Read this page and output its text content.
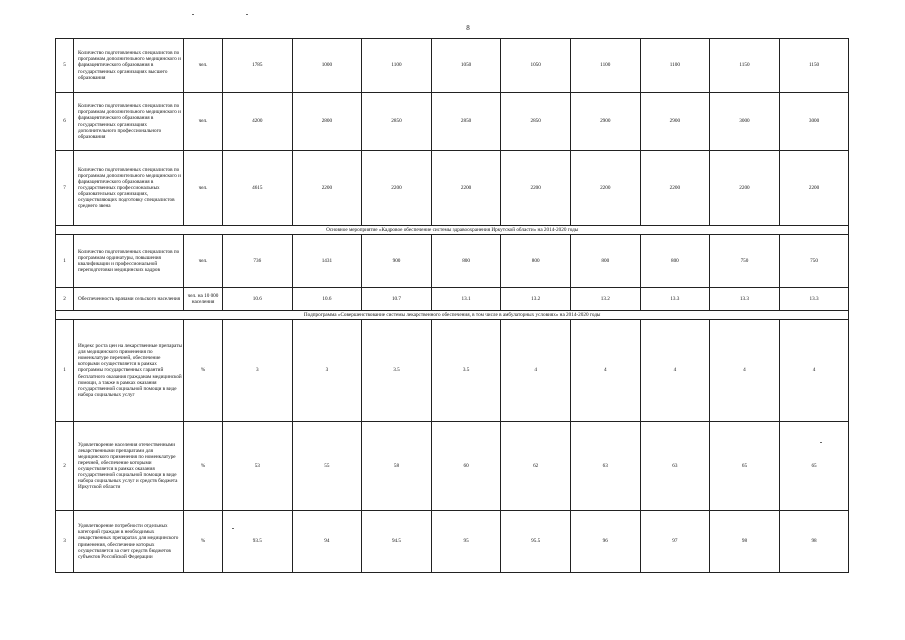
8
5	Количество подготовленных специалистов по программам дополнительного медицинского и фармацевтического образования в государственных организациях высшего образования	чел.	1785	1000	1100	1050	1050	1100	1100	1150	1150
6	Количество подготовленных специалистов по программам дополнительного медицинского и фармацевтического образования в государственных организациях дополнительного профессионального образования	чел.	4200	2800	2850	2850	2850	2900	2900	3000	3000
7	Количество подготовленных специалистов по программам дополнительного медицинского и фармацевтического образования в государственных профессиональных образовательных организациях, осуществляющих подготовку специалистов среднего звена	чел.	4615	2200	2200	2200	2200	2200	2200	2200	2200
Основное мероприятие «Кадровое обеспечение системы здравоохранения Иркутской области» на 2014-2020 годы											
1	Количество подготовленных специалистов по программам ординатуры, повышения квалификации и профессиональной переподготовки медицинских кадров	чел.	736	1431	900	800	800	800	800	750	750
2	Обеспеченность врачами сельского населения	чел. на 10 000 населения	10.6	10.6	10.7	13.1	13.2	13.2	13.3	13.3	13.3
Подпрограмма «Совершенствование системы лекарственного обеспечения, в том числе в амбулаторных условиях» на 2014-2020 годы											
1	Индекс роста цен на лекарственные препараты для медицинского применения по номенклатуре перечней, обеспечение которыми осуществляется в рамках программы государственных гарантий бесплатного оказания гражданам медицинской помощи, а также в рамках оказания государственной социальной помощи в виде набора социальных услуг	%	3	3	3.5	3.5	4	4	4	4	4
2	Удовлетворение населения отечественными лекарственными препаратами для медицинского применения по номенклатуре перечней, обеспечение которыми осуществляется в рамках оказания государственной социальной помощи в виде набора социальных услуг и средств бюджета Иркутской области	%	53	55	58	60	62	63	63	65	65
3	Удовлетворение потребности отдельных категорий граждан в необходимых лекарственных препаратах для медицинского применения, обеспечение которых осуществляется за счет средств бюджетов субъектов Российской Федерации	%	93.5	94	94.5	95	95.5	96	97	98	98
